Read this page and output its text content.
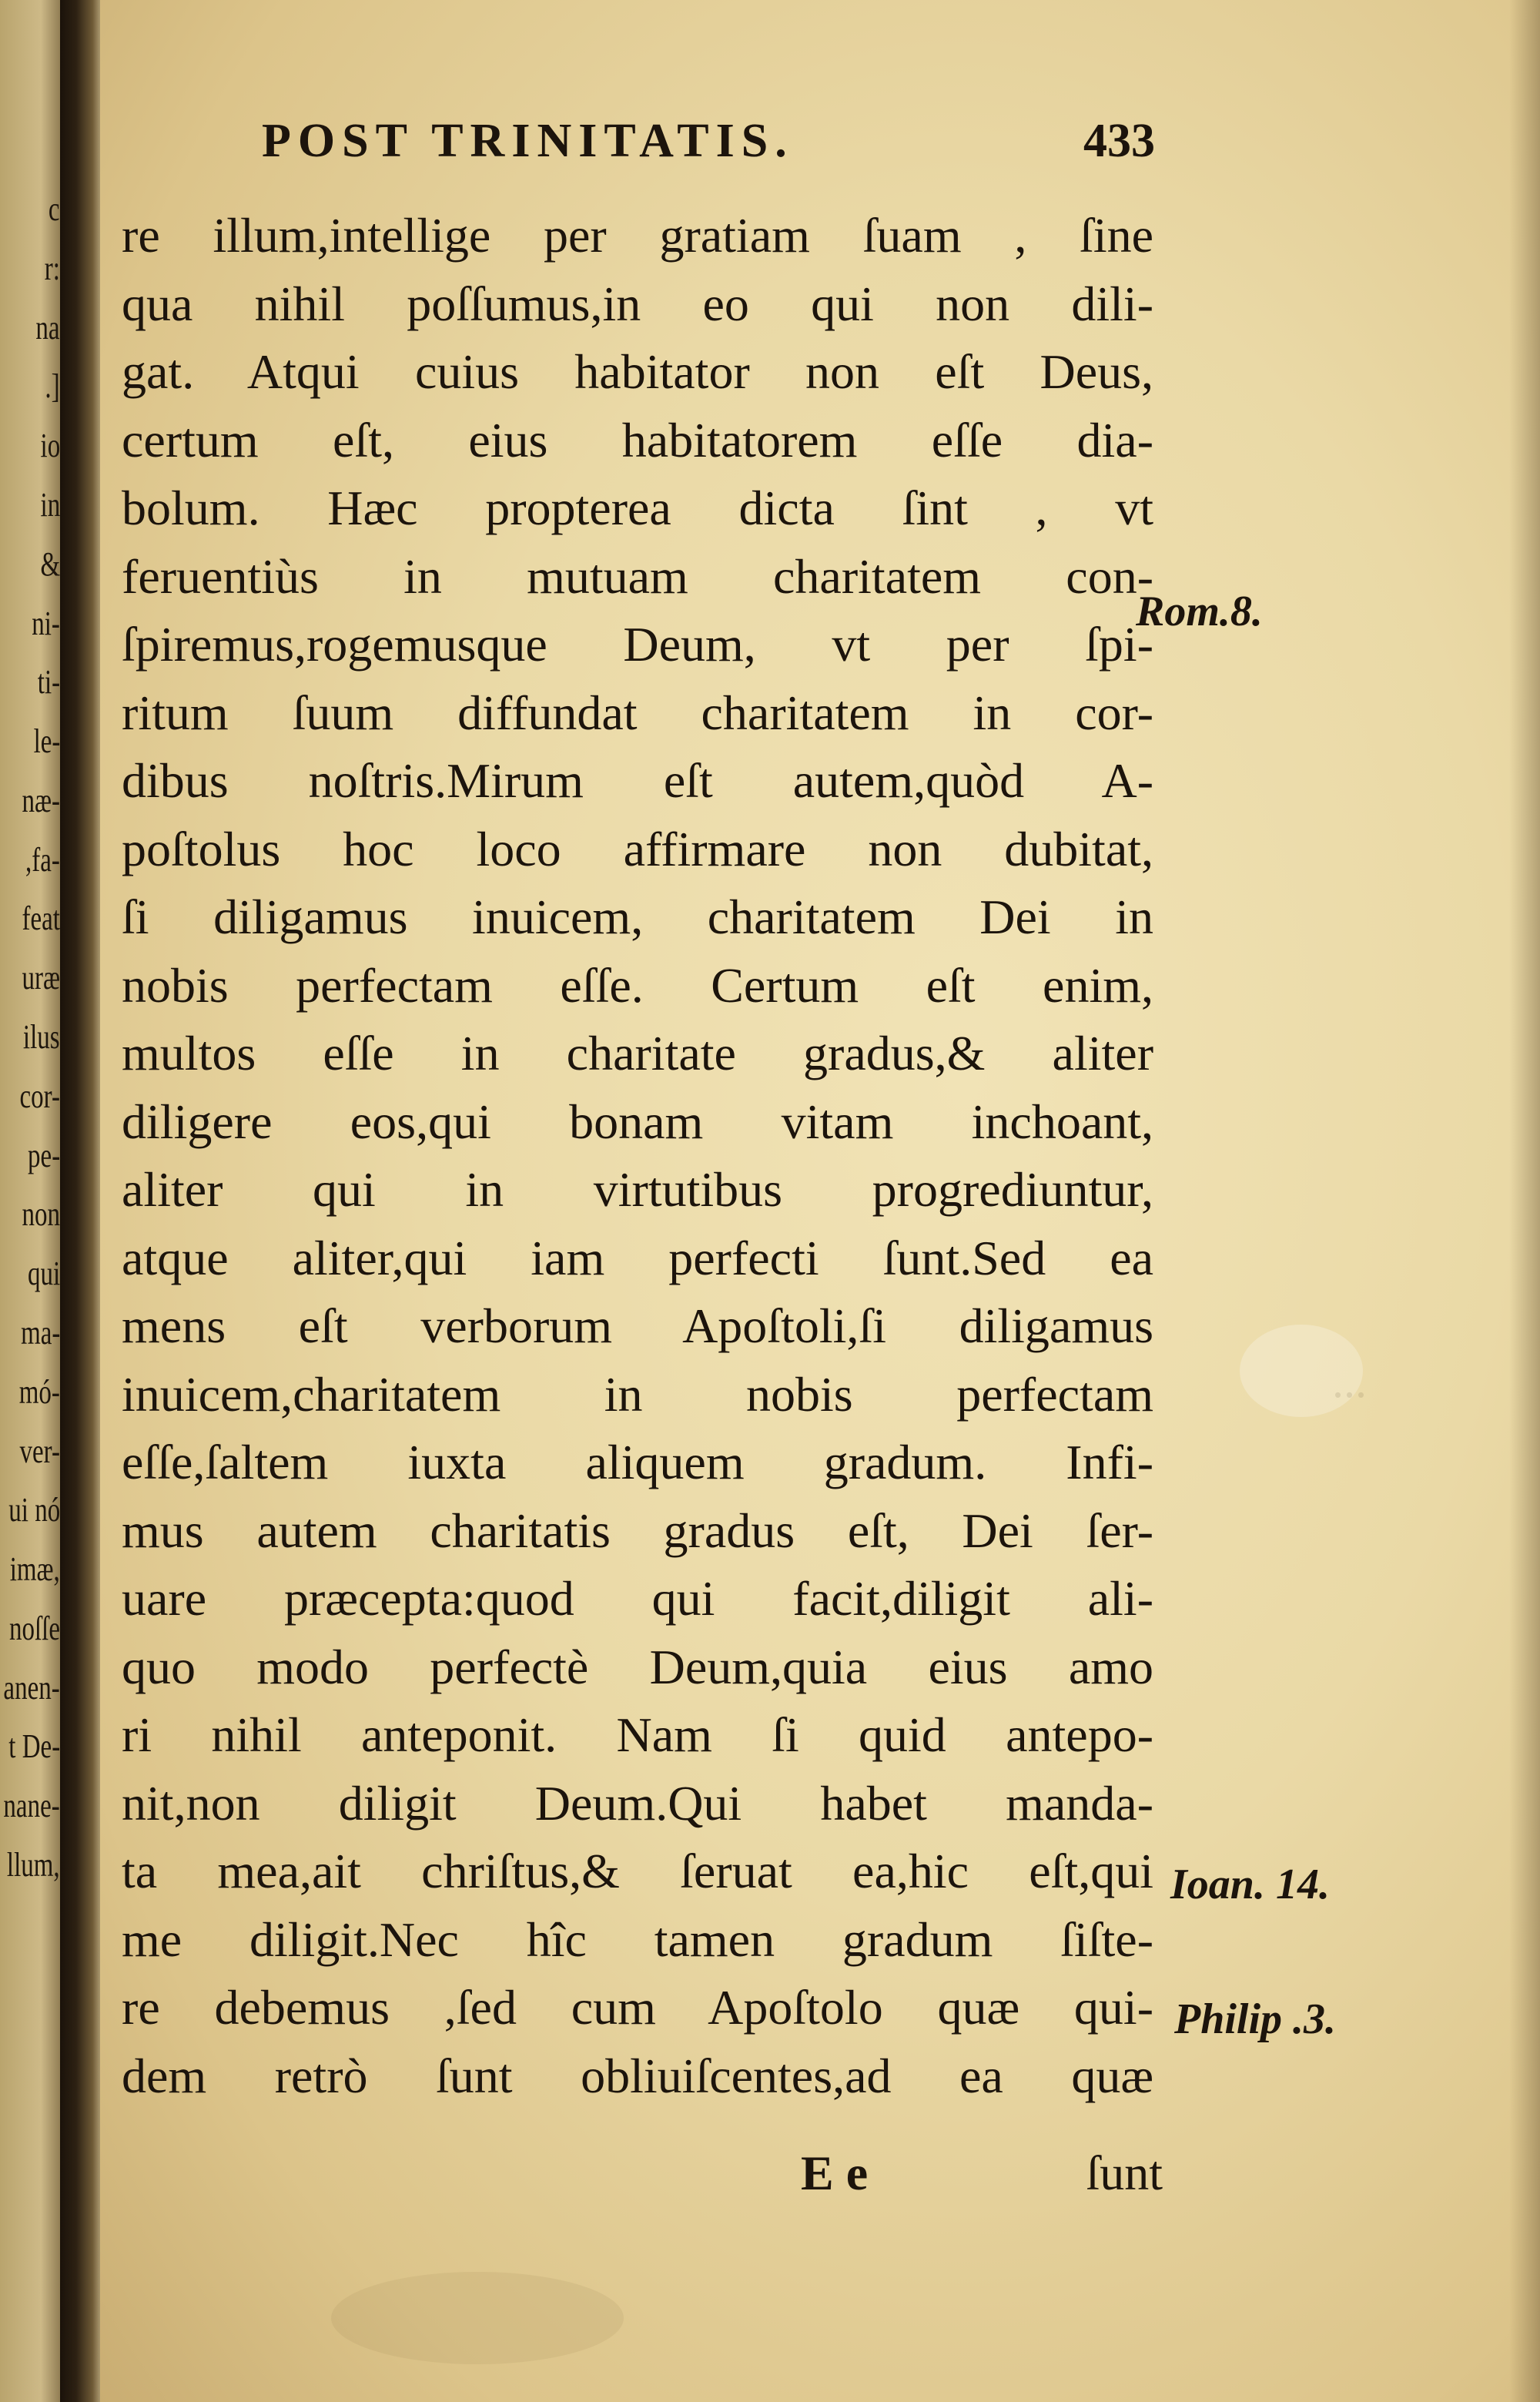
c
r:
na
.]
io
in
&
ni-
ti-
le-
næ-
,fa-
feat
uræ
ilus
cor-
pe-
non
qui
ma-
mó-
ver-
ui nó
imæ,
noſſe
anen-
t De-
nane-
llum,
...
POST TRINITATIS.	433
re illum,intellige per gratiam ſuam , ſine
qua nihil poſſumus,in eo qui non dili-
gat. Atqui cuius habitator non eſt Deus,
certum eſt, eius habitatorem eſſe dia-
bolum. Hæc propterea dicta ſint , vt
feruentiùs in mutuam charitatem con-
ſpiremus,rogemusque Deum, vt per ſpi-
ritum ſuum diffundat charitatem in cor-
dibus noſtris.Mirum eſt autem,quòd A-
poſtolus hoc loco affirmare non dubitat,
ſi diligamus inuicem, charitatem Dei in
nobis perfectam eſſe. Certum eſt enim,
multos eſſe in charitate gradus,& aliter
diligere eos,qui bonam vitam inchoant,
aliter qui in virtutibus progrediuntur,
atque aliter,qui iam perfecti ſunt.Sed ea
mens eſt verborum Apoſtoli,ſi diligamus
inuicem,charitatem in nobis perfectam
eſſe,ſaltem iuxta aliquem gradum. Infi-
mus autem charitatis gradus eſt, Dei ſer-
uare præcepta:quod qui facit,diligit ali-
quo modo perfectè Deum,quia eius amo
ri nihil anteponit. Nam ſi quid antepo-
nit,non diligit Deum.Qui habet manda-
ta mea,ait chriſtus,& ſeruat ea,hic eſt,qui
me diligit.Nec hîc tamen gradum ſiſte-
re debemus ,ſed cum Apoſtolo quæ qui-
dem retrò ſunt obliuiſcentes,ad ea quæ
Rom.8.
Ioan. 14.
Philip .3.
E e	ſunt
